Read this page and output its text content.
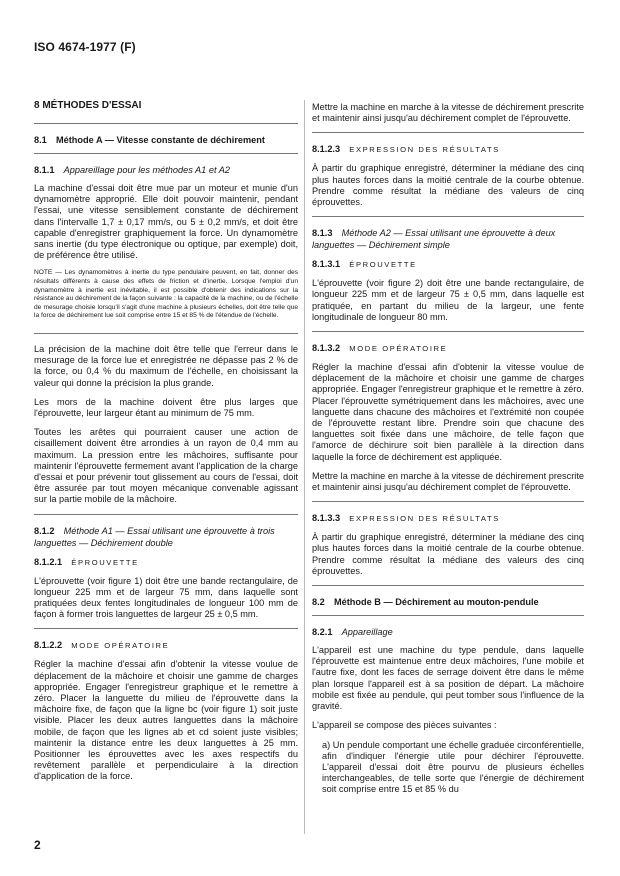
ISO 4674-1977 (F)
8 MÉTHODES D'ESSAI
8.1  Méthode A — Vitesse constante de déchirement
8.1.1  Appareillage pour les méthodes A1 et A2
La machine d'essai doit être mue par un moteur et munie d'un dynamomètre approprié. Elle doit pouvoir maintenir, pendant l'essai, une vitesse sensiblement constante de déchirement dans l'intervalle 1,7 ± 0,17 mm/s, ou 5 ± 0,2 mm/s, et doit être capable d'enregistrer graphiquement la force. Un dynamomètre sans inertie (du type électronique ou optique, par exemple) doit, de préférence être utilisé.
NOTE — Les dynamomètres à inertie du type pendulaire peuvent, en fait, donner des résultats différents à cause des effets de friction et d'inertie. Lorsque l'emploi d'un dynamomètre à inertie est inévitable, il est possible d'obtenir des indications sur la résistance au déchirement de la façon suivante : la capacité de la machine, ou de l'échelle de mesurage choisie lorsqu'il s'agit d'une machine à plusieurs échelles, doit être telle que la force de déchirement lue soit comprise entre 15 et 85 % de l'étendue de l'échelle.
La précision de la machine doit être telle que l'erreur dans le mesurage de la force lue et enregistrée ne dépasse pas 2 % de la force, ou 0,4 % du maximum de l'échelle, en choisissant la valeur qui donne la précision la plus grande.
Les mors de la machine doivent être plus larges que l'éprouvette, leur largeur étant au minimum de 75 mm.
Toutes les arêtes qui pourraient causer une action de cisaillement doivent être arrondies à un rayon de 0,4 mm au maximum. La pression entre les mâchoires, suffisante pour maintenir l'éprouvette fermement avant l'application de la charge d'essai et pour prévenir tout glissement au cours de l'essai, doit être assurée par tout moyen mécanique convenable agissant sur la partie mobile de la mâchoire.
8.1.2  Méthode A1 — Essai utilisant une éprouvette à trois languettes — Déchirement double
8.1.2.1  ÉPROUVETTE
L'éprouvette (voir figure 1) doit être une bande rectangulaire, de longueur 225 mm et de largeur 75 mm, dans laquelle sont pratiquées deux fentes longitudinales de longueur 100 mm de façon à former trois languettes de largeur 25 ± 0,5 mm.
8.1.2.2  MODE OPÉRATOIRE
Régler la machine d'essai afin d'obtenir la vitesse voulue de déplacement de la mâchoire et choisir une gamme de charges appropriée. Engager l'enregistreur graphique et le remettre à zéro. Placer la languette du milieu de l'éprouvette dans la mâchoire fixe, de façon que la ligne bc (voir figure 1) soit juste visible. Placer les deux autres languettes dans la mâchoire mobile, de façon que les lignes ab et cd soient juste visibles; maintenir la distance entre les deux languettes à 25 mm. Positionner les éprouvettes avec les axes respectifs du revêtement parallèle et perpendiculaire à la direction d'application de la force.
Mettre la machine en marche à la vitesse de déchirement prescrite et maintenir ainsi jusqu'au déchirement complet de l'éprouvette.
8.1.2.3  EXPRESSION DES RÉSULTATS
À partir du graphique enregistré, déterminer la médiane des cinq plus hautes forces dans la moitié centrale de la courbe obtenue. Prendre comme résultat la médiane des valeurs de cinq éprouvettes.
8.1.3  Méthode A2 — Essai utilisant une éprouvette à deux languettes — Déchirement simple
8.1.3.1  ÉPROUVETTE
L'éprouvette (voir figure 2) doit être une bande rectangulaire, de longueur 225 mm et de largeur 75 ± 0,5 mm, dans laquelle est pratiquée, en partant du milieu de la largeur, une fente longitudinale de longueur 80 mm.
8.1.3.2  MODE OPÉRATOIRE
Régler la machine d'essai afin d'obtenir la vitesse voulue de déplacement de la mâchoire et choisir une gamme de charges appropriée. Engager l'enregistreur graphique et le remettre à zéro. Placer l'éprouvette symétriquement dans les mâchoires, avec une languette dans chacune des mâchoires et l'extrémité non coupée de l'éprouvette restant libre. Prendre soin que chacune des languettes soit fixée dans une mâchoire, de telle façon que l'amorce de déchirure soit bien parallèle à la direction dans laquelle la force de déchirement est appliquée.
Mettre la machine en marche à la vitesse de déchirement prescrite et maintenir ainsi jusqu'au déchirement complet de l'éprouvette.
8.1.3.3  EXPRESSION DES RÉSULTATS
À partir du graphique enregistré, déterminer la médiane des cinq plus hautes forces dans la moitié centrale de la courbe obtenue. Prendre comme résultat la médiane des valeurs des cinq éprouvettes.
8.2  Méthode B — Déchirement au mouton-pendule
8.2.1  Appareillage
L'appareil est une machine du type pendule, dans laquelle l'éprouvette est maintenue entre deux mâchoires, l'une mobile et l'autre fixe, dont les faces de serrage doivent être dans le même plan lorsque l'appareil est à sa position de départ. La mâchoire mobile est fixée au pendule, qui peut tomber sous l'influence de la gravité.
L'appareil se compose des pièces suivantes :
a) Un pendule comportant une échelle graduée circonférentielle, afin d'indiquer l'énergie utile pour déchirer l'éprouvette. L'appareil d'essai doit être pourvu de plusieurs échelles interchangeables, de telle sorte que l'énergie de déchirement soit comprise entre 15 et 85 % du
2
